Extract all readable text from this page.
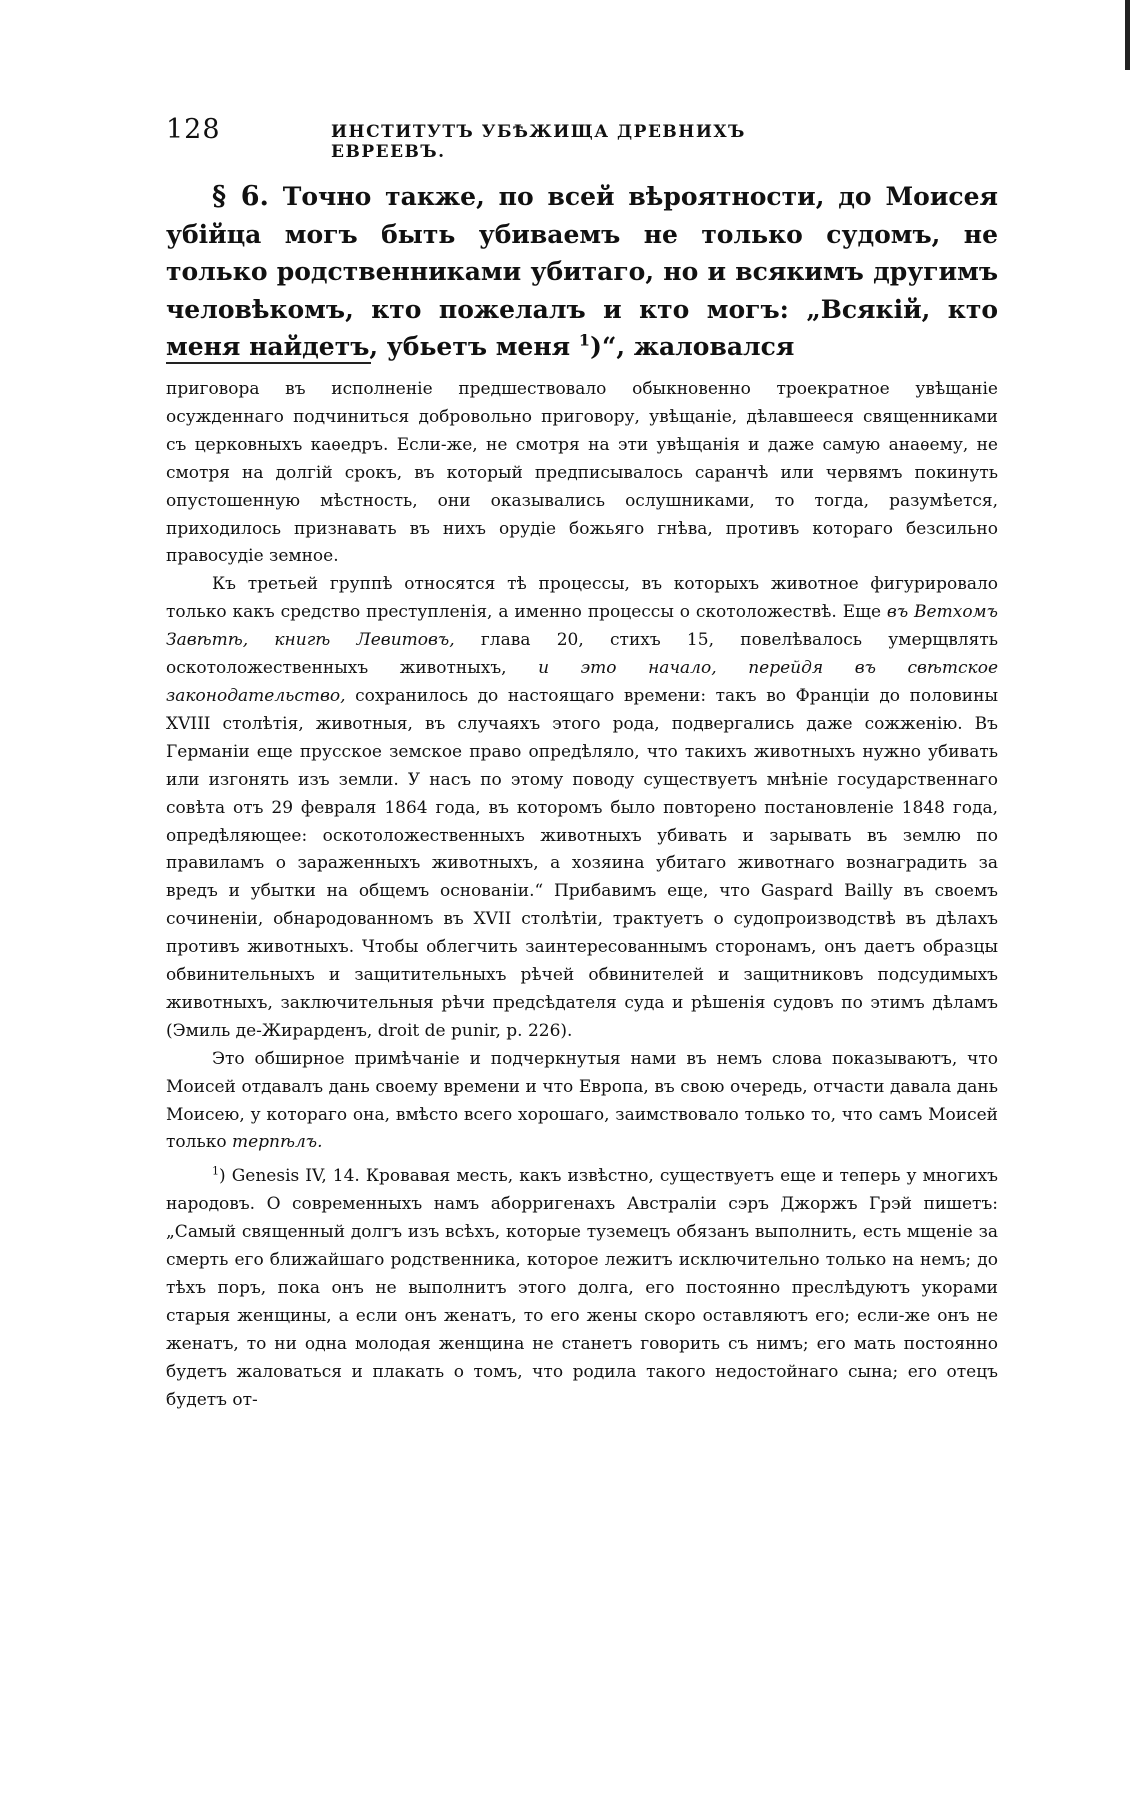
128	ИНСТИТУТЪ УБѢЖИЩА ДРЕВНИХЪ ЕВРЕЕВЪ.
§ 6. Точно также, по всей вѣроятности, до Моисея убійца могъ быть убиваемъ не только судомъ, не только родственниками убитаго, но и всякимъ другимъ человѣкомъ, кто пожелалъ и кто могъ: „Всякій, кто меня найдетъ, убьетъ меня $^1$)“, жаловался

приговора въ исполненіе предшествовало обыкновенно троекратное увѣщаніе осужденнаго подчиниться добровольно приговору, увѣщаніе, дѣлавшееся священниками съ церковныхъ каѳедръ. Если-же, не смотря на эти увѣщанія и даже самую анаѳему, не смотря на долгій срокъ, въ который предписывалось саранчѣ или червямъ покинуть опустошенную мѣстность, они оказывались ослушниками, то тогда, разумѣется, приходилось признавать въ нихъ орудіе божьяго гнѣва, противъ котораго безсильно правосудіе земное.

Къ третьей группѣ относятся тѣ процессы, въ которыхъ животное фигурировало только какъ средство преступленія, а именно процессы о скотоложествѣ. Еще въ Ветхомъ Завѣтѣ, книгѣ Левитовъ, глава 20, стихъ 15, повелѣвалось умерщвлять оскотоложественныхъ животныхъ, и это начало, перейдя въ свѣтское законодательство, сохранилось до настоящаго времени: такъ во Франціи до половины XVIII столѣтія, животныя, въ случаяхъ этого рода, подвергались даже сожженію. Въ Германіи еще прусское земское право опредѣляло, что такихъ животныхъ нужно убивать или изгонять изъ земли. У насъ по этому поводу существуетъ мнѣніе государственнаго совѣта отъ 29 февраля 1864 года, въ которомъ было повторено постановленіе 1848 года, опредѣляющее: оскотоложественныхъ животныхъ убивать и зарывать въ землю по правиламъ о зараженныхъ животныхъ, а хозяина убитаго животнаго вознаградить за вредъ и убытки на общемъ основаніи.“ Прибавимъ еще, что Gaspard Bailly въ своемъ сочиненіи, обнародованномъ въ XVII столѣтіи, трактуетъ о судопроизводствѣ въ дѣлахъ противъ животныхъ. Чтобы облегчить заинтересованнымъ сторонамъ, онъ даетъ образцы обвинительныхъ и защитительныхъ рѣчей обвинителей и защитниковъ подсудимыхъ животныхъ, заключительныя рѣчи предсѣдателя суда и рѣшенія судовъ по этимъ дѣламъ (Эмиль де-Жирарденъ, droit de punir, p. 226).

Это обширное примѣчаніе и подчеркнутыя нами въ немъ слова показываютъ, что Моисей отдавалъ дань своему времени и что Европа, въ свою очередь, отчасти давала дань Моисею, у котораго она, вмѣсто всего хорошаго, заимствовало только то, что самъ Моисей только терпѣлъ.

$^1$) Genesis IV, 14. Кровавая месть, какъ извѣстно, существуетъ еще и теперь у многихъ народовъ. О современныхъ намъ аборригенахъ Австраліи сэръ Джоржъ Грэй пишетъ: „Самый священный долгъ изъ всѣхъ, которые туземецъ обязанъ выполнить, есть мщеніе за смерть его ближайшаго родственника, которое лежитъ исключительно только на немъ; до тѣхъ поръ, пока онъ не выполнитъ этого долга, его постоянно преслѣдуютъ укорами старыя женщины, а если онъ женатъ, то его жены скоро оставляютъ его; если-же онъ не женатъ, то ни одна молодая женщина не станетъ говорить съ нимъ; его мать постоянно будетъ жаловаться и плакать о томъ, что родила такого недостойнаго сына; его отецъ будетъ от-
